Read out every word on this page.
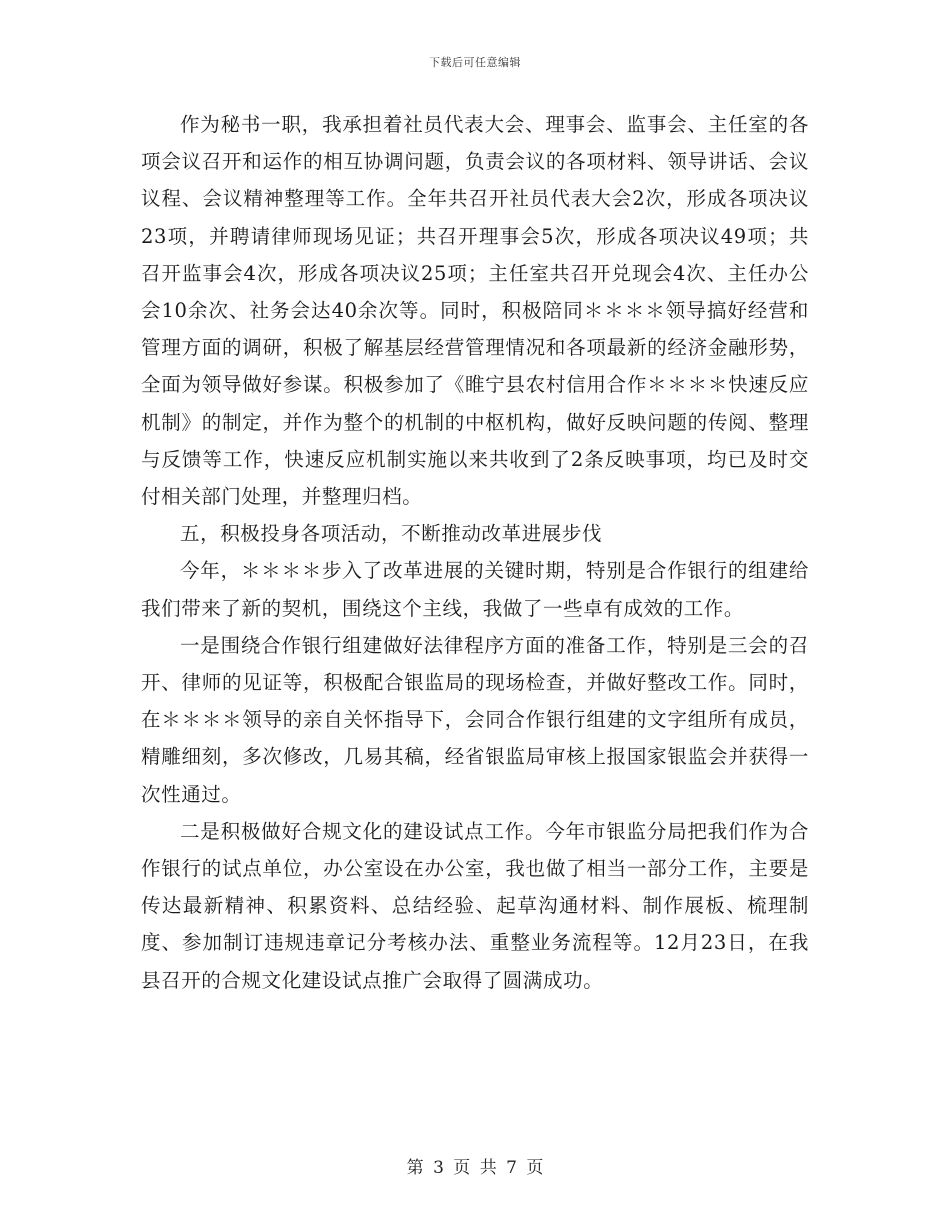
下载后可任意编辑

作为秘书一职，我承担着社员代表大会、理事会、监事会、主任室的各项会议召开和运作的相互协调问题，负责会议的各项材料、领导讲话、会议议程、会议精神整理等工作。全年共召开社员代表大会2次，形成各项决议23项，并聘请律师现场见证；共召开理事会5次，形成各项决议49项；共召开监事会4次，形成各项决议25项；主任室共召开兑现会4次、主任办公会10余次、社务会达40余次等。同时，积极陪同＊＊＊＊领导搞好经营和管理方面的调研，积极了解基层经营管理情况和各项最新的经济金融形势，全面为领导做好参谋。积极参加了《睢宁县农村信用合作＊＊＊＊快速反应机制》的制定，并作为整个的机制的中枢机构，做好反映问题的传阅、整理与反馈等工作，快速反应机制实施以来共收到了2条反映事项，均已及时交付相关部门处理，并整理归档。

五，积极投身各项活动，不断推动改革进展步伐

今年，＊＊＊＊步入了改革进展的关键时期，特别是合作银行的组建给我们带来了新的契机，围绕这个主线，我做了一些卓有成效的工作。

一是围绕合作银行组建做好法律程序方面的准备工作，特别是三会的召开、律师的见证等，积极配合银监局的现场检查，并做好整改工作。同时，在＊＊＊＊领导的亲自关怀指导下，会同合作银行组建的文字组所有成员，精雕细刻，多次修改，几易其稿，经省银监局审核上报国家银监会并获得一次性通过。

二是积极做好合规文化的建设试点工作。今年市银监分局把我们作为合作银行的试点单位，办公室设在办公室，我也做了相当一部分工作，主要是传达最新精神、积累资料、总结经验、起草沟通材料、制作展板、梳理制度、参加制订违规违章记分考核办法、重整业务流程等。12月23日，在我县召开的合规文化建设试点推广会取得了圆满成功。

第 3 页 共 7 页
